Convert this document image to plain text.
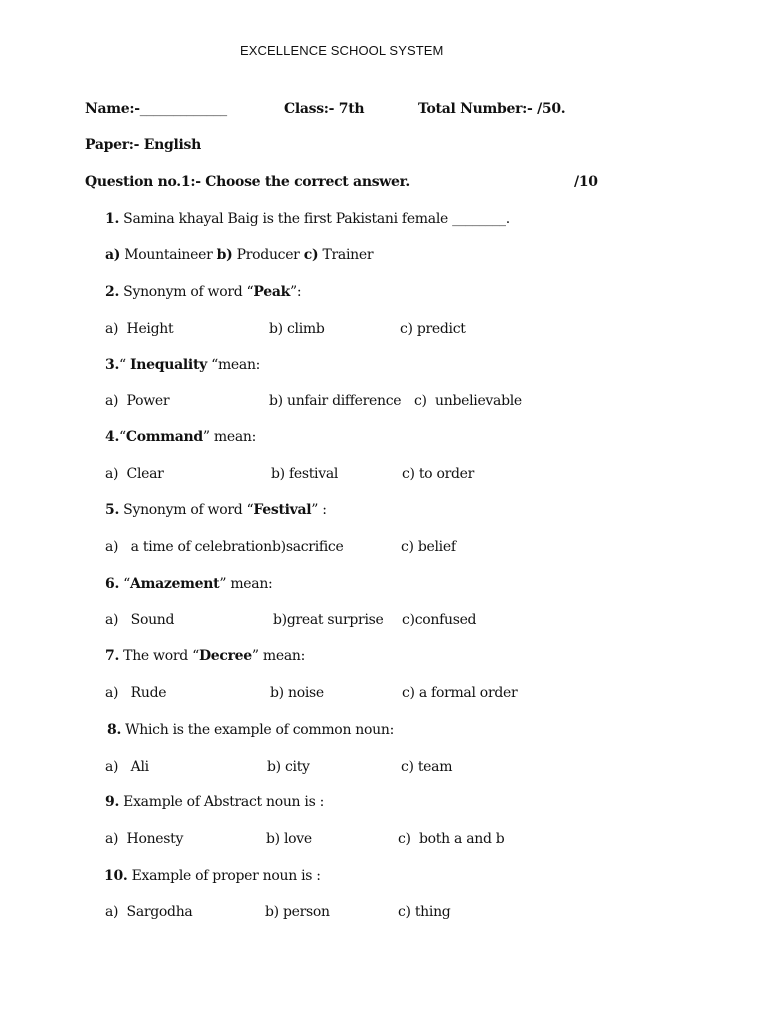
EXCELLENCE SCHOOL SYSTEM
Name:-_____________	Class:- 7th	Total Number:- /50.
Paper:- English
Question no.1:- Choose the correct answer.	/10
1. Samina khayal Baig is the first Pakistani female ________.
a) Mountaineer b) Producer c) Trainer
2. Synonym of word “Peak”:
a) Height	b) climb	c) predict
3.“ Inequality “mean:
a) Power	b) unfair difference c) unbelievable
4.“Command” mean:
a) Clear	b) festival	c) to order
5. Synonym of word “Festival” :
a) a time of celebration b)sacrifice	c) belief
6. “Amazement” mean:
a) Sound	b)great surprise c)confused
7. The word “Decree” mean:
a) Rude	b) noise	c) a formal order
8. Which is the example of common noun:
a) Ali	b) city	c) team
9. Example of Abstract noun is :
a) Honesty	b) love	c) both a and b
10. Example of proper noun is :
a) Sargodha	b) person	c) thing
